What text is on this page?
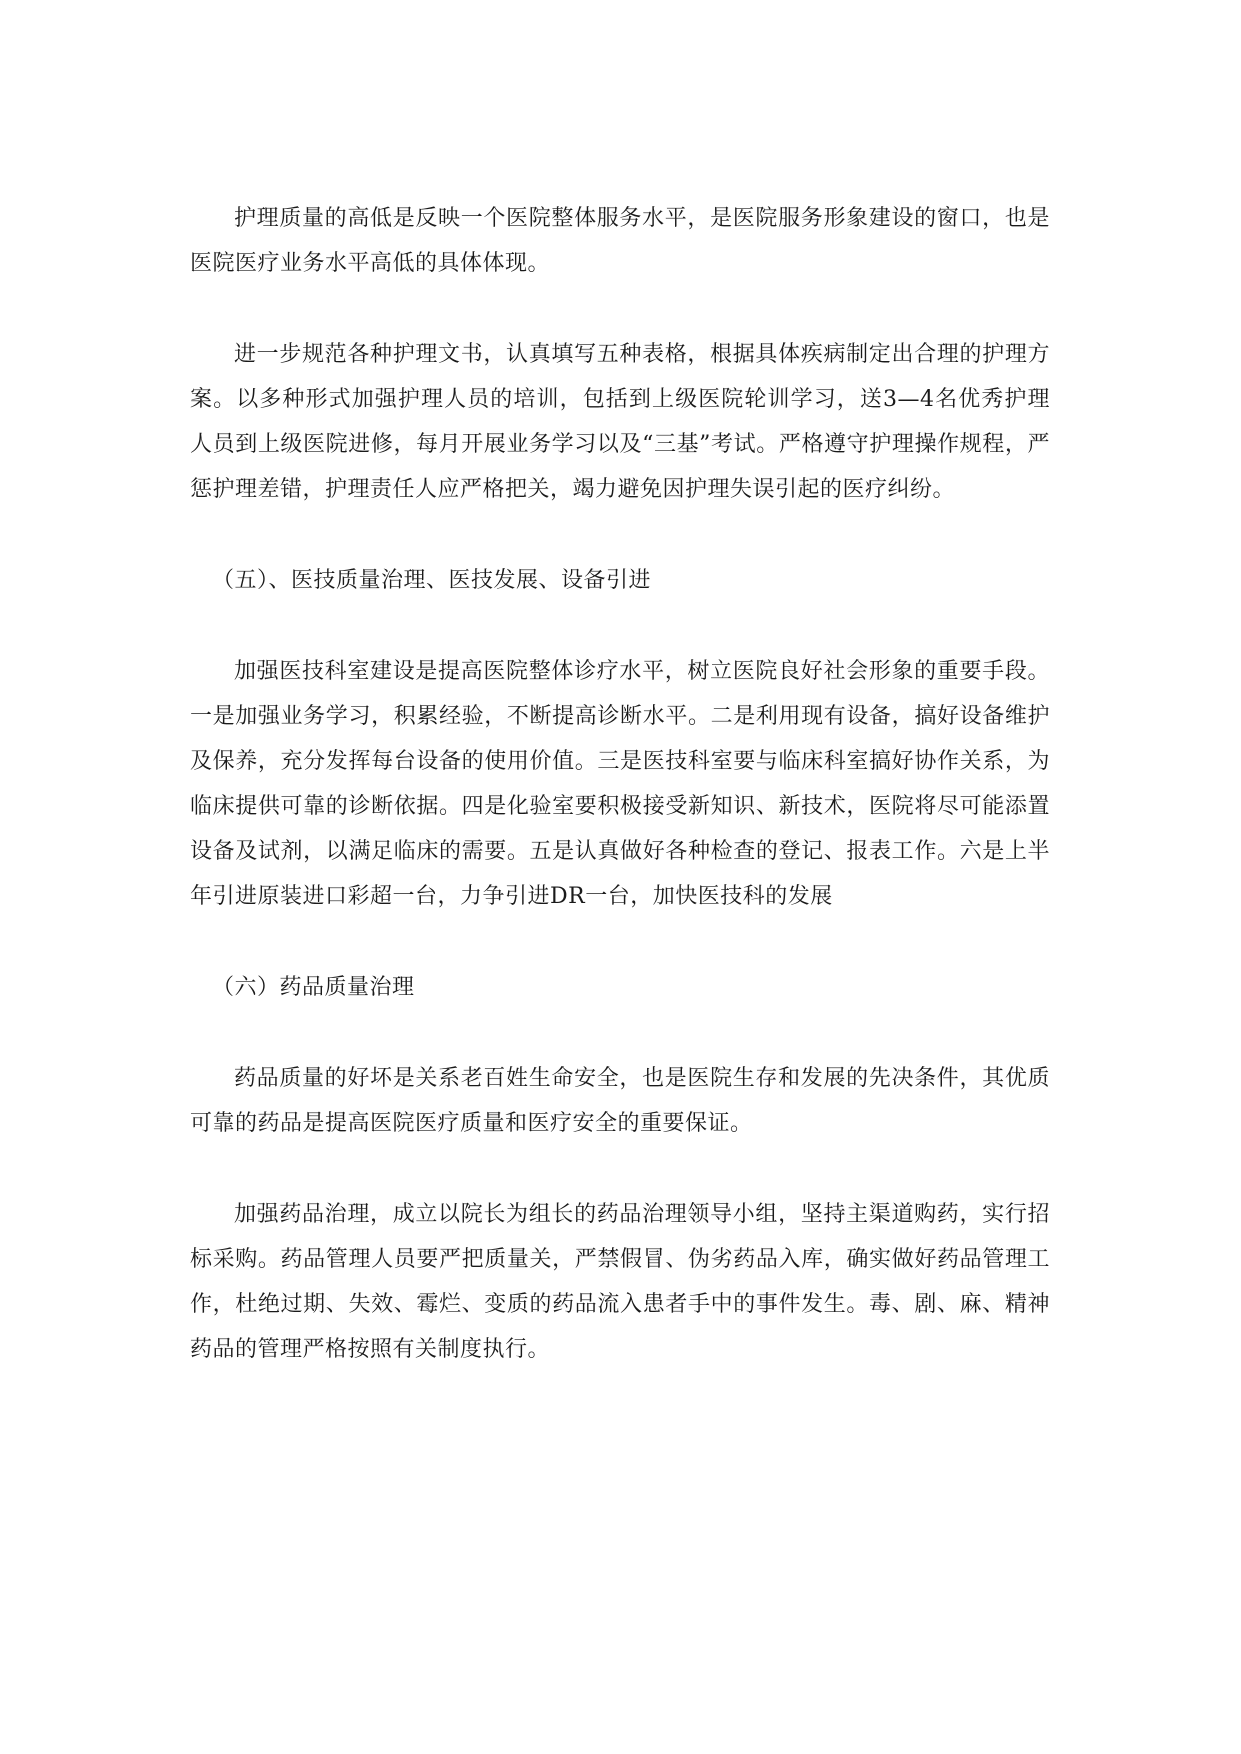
护理质量的高低是反映一个医院整体服务水平，是医院服务形象建设的窗口，也是医院医疗业务水平高低的具体体现。

进一步规范各种护理文书，认真填写五种表格，根据具体疾病制定出合理的护理方案。以多种形式加强护理人员的培训，包括到上级医院轮训学习，送3—4名优秀护理人员到上级医院进修，每月开展业务学习以及“三基”考试。严格遵守护理操作规程，严惩护理差错，护理责任人应严格把关，竭力避免因护理失误引起的医疗纠纷。

（五）、医技质量治理、医技发展、设备引进

加强医技科室建设是提高医院整体诊疗水平，树立医院良好社会形象的重要手段。一是加强业务学习，积累经验，不断提高诊断水平。二是利用现有设备，搞好设备维护及保养，充分发挥每台设备的使用价值。三是医技科室要与临床科室搞好协作关系，为临床提供可靠的诊断依据。四是化验室要积极接受新知识、新技术，医院将尽可能添置设备及试剂，以满足临床的需要。五是认真做好各种检查的登记、报表工作。六是上半年引进原装进口彩超一台，力争引进DR一台，加快医技科的发展

（六）药品质量治理

药品质量的好坏是关系老百姓生命安全，也是医院生存和发展的先决条件，其优质可靠的药品是提高医院医疗质量和医疗安全的重要保证。

加强药品治理，成立以院长为组长的药品治理领导小组，坚持主渠道购药，实行招标采购。药品管理人员要严把质量关，严禁假冒、伪劣药品入库，确实做好药品管理工作，杜绝过期、失效、霉烂、变质的药品流入患者手中的事件发生。毒、剧、麻、精神药品的管理严格按照有关制度执行。
